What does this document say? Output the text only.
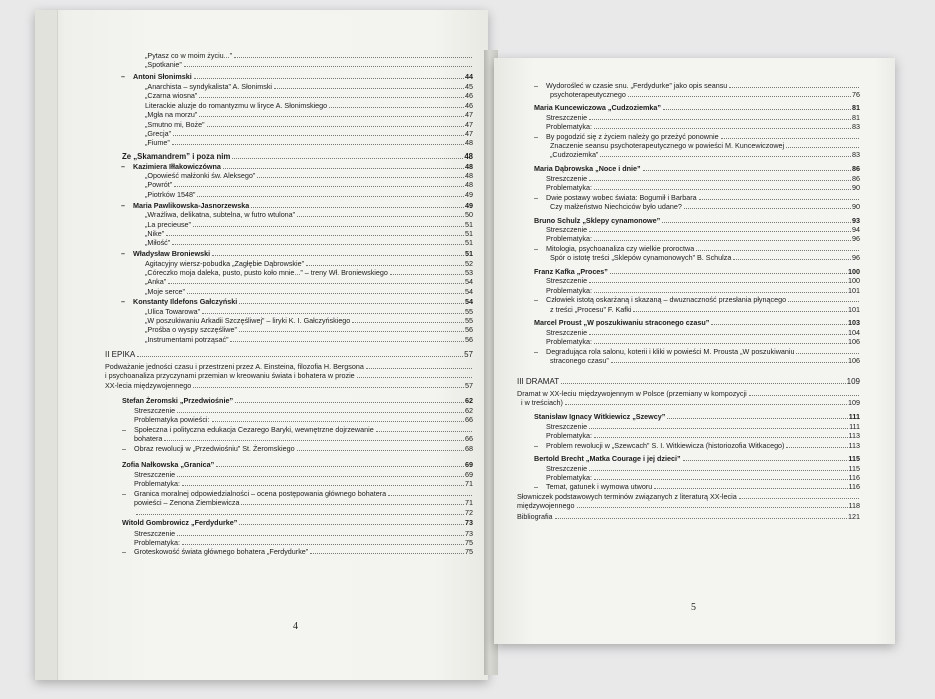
„Pytasz co w moim życiu...”
„Spotkanie”
– Antoni Słonimski	44
„Anarchista – syndykalista” A. Słonimski	45
„Czarna wiosna”	46
Literackie aluzje do romantyzmu w liryce A. Słonimskiego	46
„Mgła na morzu”	47
„Smutno mi, Boże”	47
„Grecja”	47
„Fiume”	48
Ze „Skamandrem” i poza nim	48
– Kazimiera Iłłakowiczówna	48
„Opowieść małżonki św. Aleksego”	48
„Powrót”	48
„Piotrków 1548”	49
– Maria Pawlikowska-Jasnorzewska	49
„Wrażliwa, delikatna, subtelna, w futro wtulona”	50
„La precieuse”	51
„Nike”	51
„Miłość”	51
– Władysław Broniewski	51
Agitacyjny wiersz-pobudka „Zagłębie Dąbrowskie”	52
„Córeczko moja daleka, pusto, pusto koło mnie...” – treny Wł. Broniewskiego	53
„Anka”	54
„Moje serce”	54
– Konstanty Ildefons Gałczyński	54
„Ulica Towarowa”	55
„W poszukiwaniu Arkadii Szczęśliwej” – liryki K. I. Gałczyńskiego	55
„Prośba o wyspy szczęśliwe”	56
„Instrumentami potrząsać”	56
II EPIKA	57
Podważanie jedności czasu i przestrzeni przez A. Einsteina, filozofia H. Bergsona
i psychoanaliza przyczynami przemian w kreowaniu świata i bohatera w prozie
XX-lecia międzywojennego	57
Stefan Żeromski „Przedwiośnie”	62
Streszczenie	62
Problematyka powieści:	66
– Społeczna i polityczna edukacja Cezarego Baryki, wewnętrzne dojrzewanie
bohatera	66
– Obraz rewolucji w „Przedwiośniu” St. Żeromskiego	68
Zofia Nałkowska „Granica”	69
Streszczenie	69
Problematyka:	71
– Granica moralnej odpowiedzialności – ocena postępowania głównego bohatera
powieści – Zenona Ziembiewicza	71
72
Witold Gombrowicz „Ferdydurke”	73
Streszczenie	73
Problematyka:	75
– Groteskowość świata głównego bohatera „Ferdydurke”	75
4
– Wydorośleć w czasie snu. „Ferdydurke” jako opis seansu
psychoterapeutycznego	76
Maria Kuncewiczowa „Cudzoziemka”	81
Streszczenie	81
Problematyka:	83
– By pogodzić się z życiem należy go przeżyć ponownie
Znaczenie seansu psychoterapeutycznego w powieści M. Kuncewiczowej
„Cudzoziemka”	83
Maria Dąbrowska „Noce i dnie”	86
Streszczenie	86
Problematyka:	90
– Dwie postawy wobec świata: Bogumił i Barbara
Czy małżeństwo Niechciców było udane?	90
Bruno Schulz „Sklepy cynamonowe”	93
Streszczenie	94
Problematyka:	96
– Mitologia, psychoanaliza czy wielkie proroctwa
Spór o istotę treści „Sklepów cynamonowych” B. Schulza	96
Franz Kafka „Proces”	100
Streszczenie	100
Problematyka:	101
– Człowiek istotą oskarżaną i skazaną – dwuznaczność przesłania płynącego
z treści „Procesu” F. Kafki	101
Marcel Proust „W poszukiwaniu straconego czasu”	103
Streszczenie	104
Problematyka:	106
– Degradująca rola salonu, koterii i kliki w powieści M. Prousta „W poszukiwaniu
straconego czasu”	106
III DRAMAT	109
Dramat w XX-leciu międzywojennym w Polsce (przemiany w kompozycji
i w treściach)	109
Stanisław Ignacy Witkiewicz „Szewcy”	111
Streszczenie	111
Problematyka:	113
– Problem rewolucji w „Szewcach” S. I. Witkiewicza (historiozofia Witkacego)	113
Bertold Brecht „Matka Courage i jej dzieci”	115
Streszczenie	115
Problematyka:	116
– Temat, gatunek i wymowa utworu	116
Słowniczek podstawowych terminów związanych z literaturą XX-lecia
międzywojennego	118
Bibliografia	121
5
